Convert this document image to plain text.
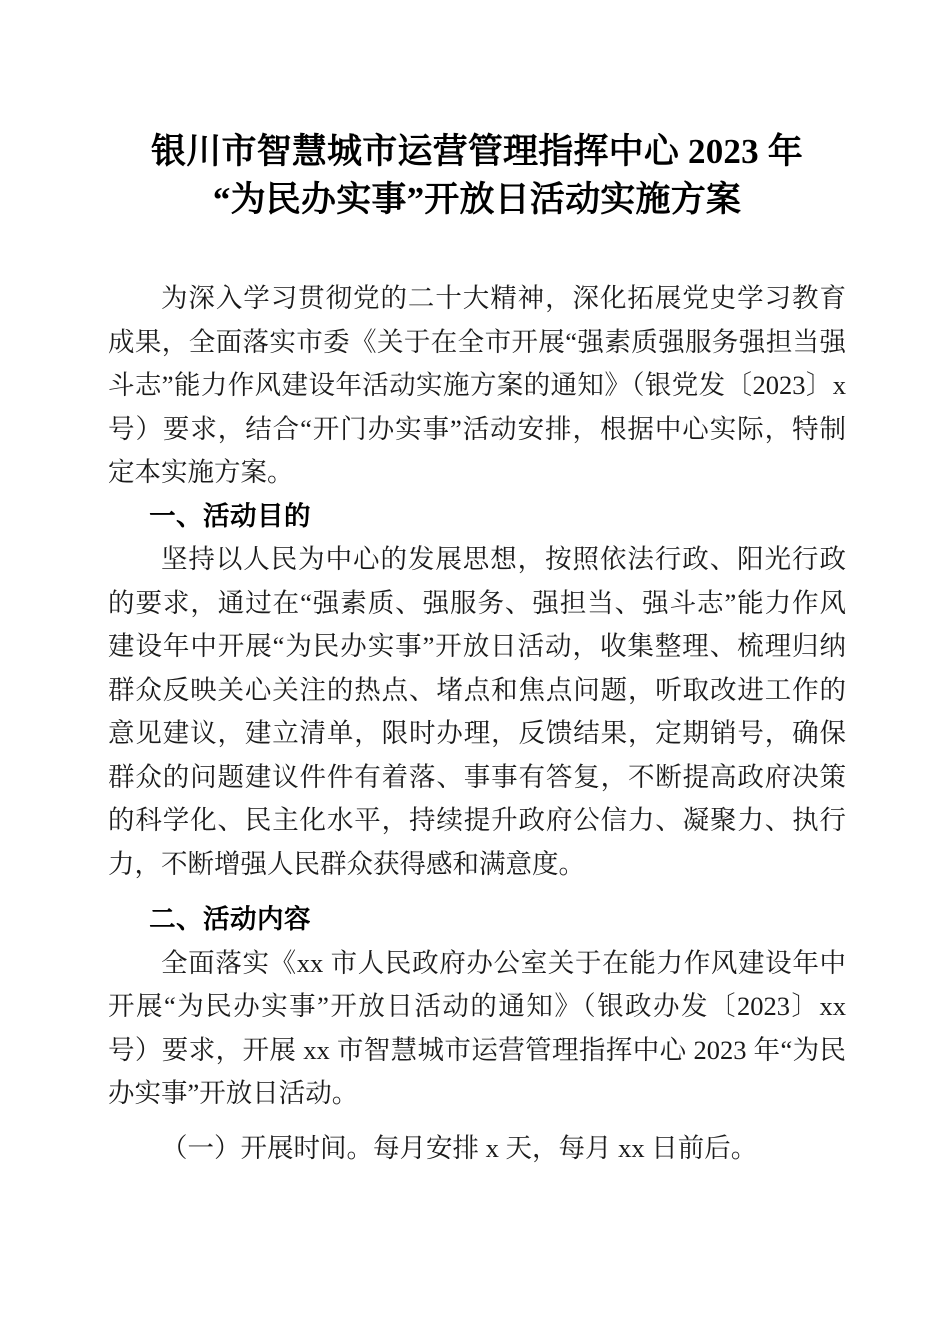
银川市智慧城市运营管理指挥中心 2023 年
“为民办实事”开放日活动实施方案

为深入学习贯彻党的二十大精神，深化拓展党史学习教育成果，全面落实市委《关于在全市开展“强素质强服务强担当强斗志”能力作风建设年活动实施方案的通知》（银党发〔2023〕x 号）要求，结合“开门办实事”活动安排，根据中心实际，特制定本实施方案。

一、活动目的

坚持以人民为中心的发展思想，按照依法行政、阳光行政的要求，通过在“强素质、强服务、强担当、强斗志”能力作风建设年中开展“为民办实事”开放日活动，收集整理、梳理归纳群众反映关心关注的热点、堵点和焦点问题，听取改进工作的意见建议，建立清单，限时办理，反馈结果，定期销号，确保群众的问题建议件件有着落、事事有答复，不断提高政府决策的科学化、民主化水平，持续提升政府公信力、凝聚力、执行力，不断增强人民群众获得感和满意度。

二、活动内容

全面落实《xx 市人民政府办公室关于在能力作风建设年中开展“为民办实事”开放日活动的通知》（银政办发〔2023〕xx 号）要求，开展 xx 市智慧城市运营管理指挥中心 2023 年“为民办实事”开放日活动。

（一）开展时间。每月安排 x 天，每月 xx 日前后。
